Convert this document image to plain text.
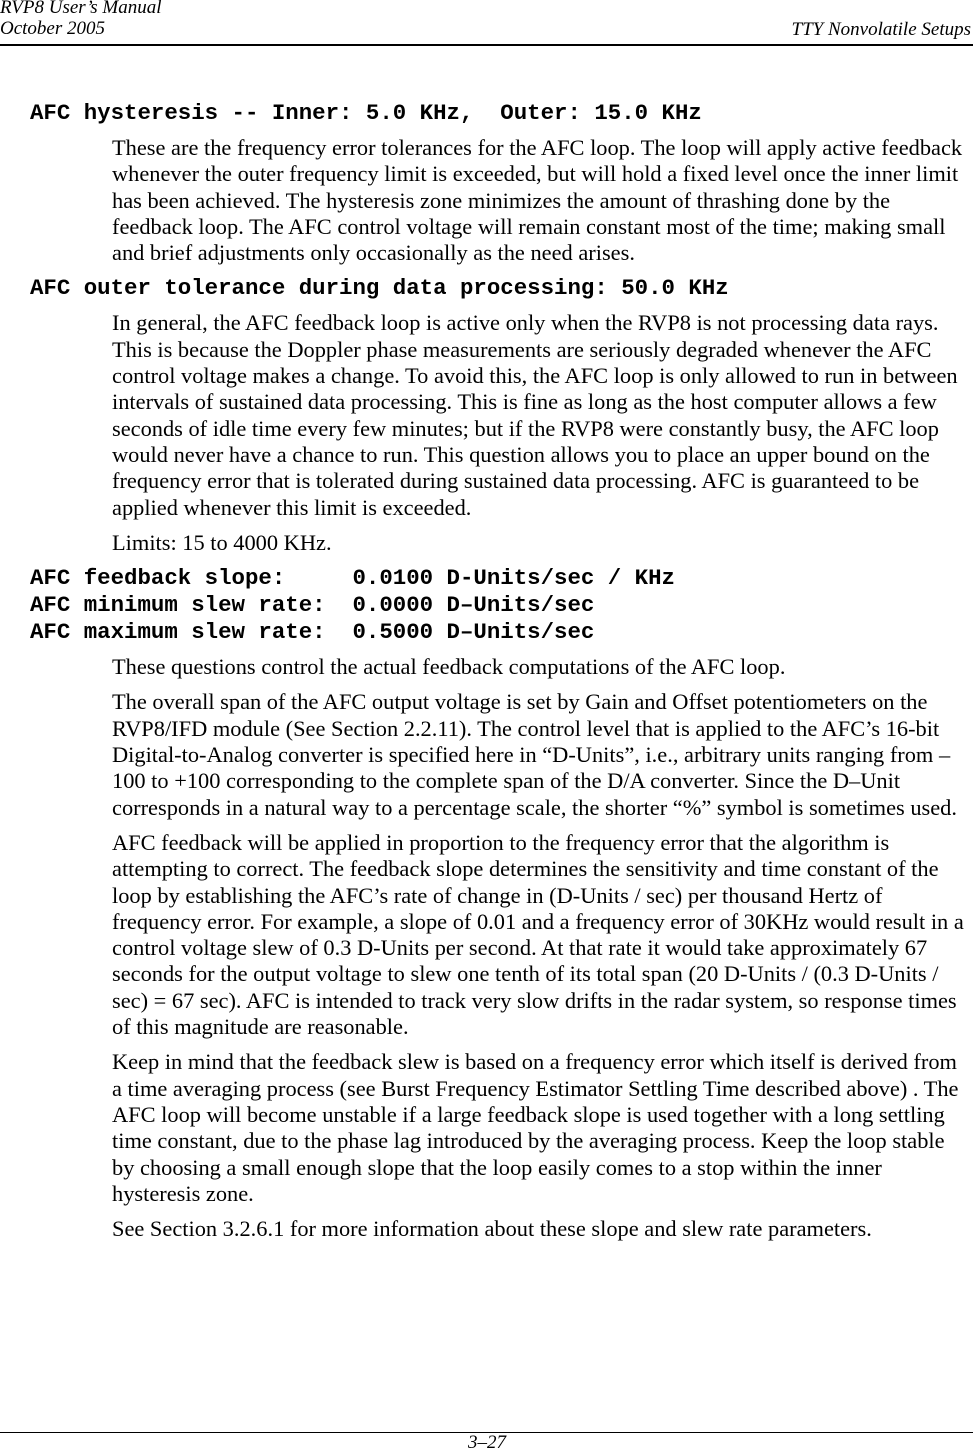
RVP8 User’s Manual
October 2005	TTY Nonvolatile Setups
AFC hysteresis -- Inner: 5.0 KHz,  Outer: 15.0 KHz
These are the frequency error tolerances for the AFC loop. The loop will apply active feedback whenever the outer frequency limit is exceeded, but will hold a fixed level once the inner limit has been achieved. The hysteresis zone minimizes the amount of thrashing done by the feedback loop. The AFC control voltage will remain constant most of the time; making small and brief adjustments only occasionally as the need arises.
AFC outer tolerance during data processing: 50.0 KHz
In general, the AFC feedback loop is active only when the RVP8 is not processing data rays. This is because the Doppler phase measurements are seriously degraded whenever the AFC control voltage makes a change. To avoid this, the AFC loop is only allowed to run in between intervals of sustained data processing. This is fine as long as the host computer allows a few seconds of idle time every few minutes; but if the RVP8 were constantly busy, the AFC loop would never have a chance to run. This question allows you to place an upper bound on the frequency error that is tolerated during sustained data processing. AFC is guaranteed to be applied whenever this limit is exceeded.
Limits: 15 to 4000 KHz.
AFC feedback slope:     0.0100 D-Units/sec / KHz
AFC minimum slew rate:  0.0000 D–Units/sec
AFC maximum slew rate:  0.5000 D–Units/sec
These questions control the actual feedback computations of the AFC loop.
The overall span of the AFC output voltage is set by Gain and Offset potentiometers on the RVP8/IFD module (See Section 2.2.11). The control level that is applied to the AFC’s 16-bit Digital-to-Analog converter is specified here in “D-Units”, i.e., arbitrary units ranging from –100 to +100 corresponding to the complete span of the D/A converter. Since the D–Unit corresponds in a natural way to a percentage scale, the shorter “%” symbol is sometimes used.
AFC feedback will be applied in proportion to the frequency error that the algorithm is attempting to correct. The feedback slope determines the sensitivity and time constant of the loop by establishing the AFC’s rate of change in (D-Units / sec) per thousand Hertz of frequency error. For example, a slope of 0.01 and a frequency error of 30KHz would result in a control voltage slew of 0.3 D-Units per second. At that rate it would take approximately 67 seconds for the output voltage to slew one tenth of its total span (20 D-Units / (0.3 D-Units / sec) = 67 sec). AFC is intended to track very slow drifts in the radar system, so response times of this magnitude are reasonable.
Keep in mind that the feedback slew is based on a frequency error which itself is derived from a time averaging process (see Burst Frequency Estimator Settling Time described above) . The AFC loop will become unstable if a large feedback slope is used together with a long settling time constant, due to the phase lag introduced by the averaging process. Keep the loop stable by choosing a small enough slope that the loop easily comes to a stop within the inner hysteresis zone.
See Section 3.2.6.1 for more information about these slope and slew rate parameters.
3–27
